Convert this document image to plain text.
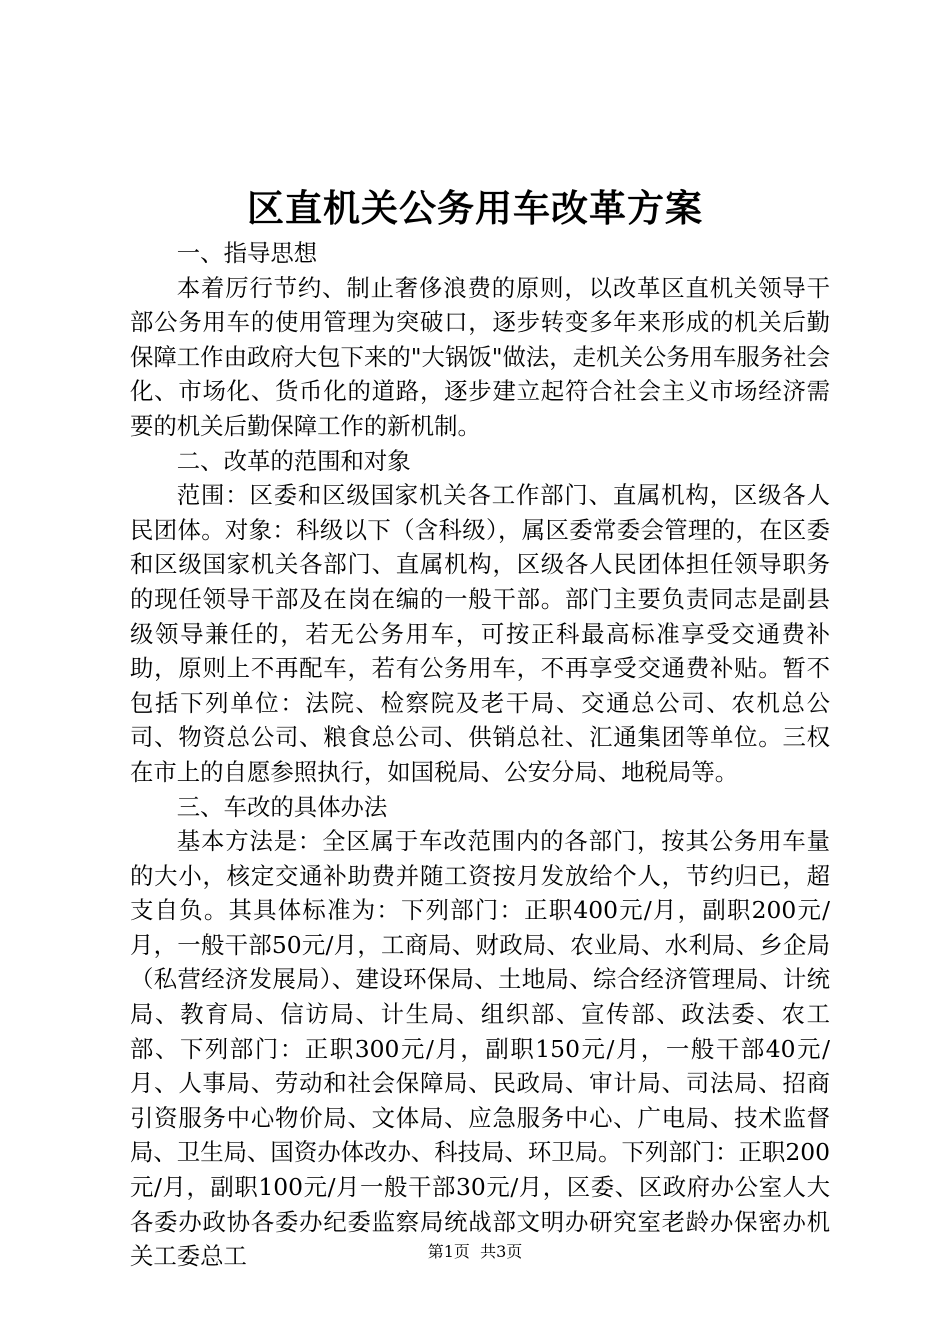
区直机关公务用车改革方案

一、指导思想

本着厉行节约、制止奢侈浪费的原则，以改革区直机关领导干部公务用车的使用管理为突破口，逐步转变多年来形成的机关后勤保障工作由政府大包下来的"大锅饭"做法，走机关公务用车服务社会化、市场化、货币化的道路，逐步建立起符合社会主义市场经济需要的机关后勤保障工作的新机制。

二、改革的范围和对象

范围：区委和区级国家机关各工作部门、直属机构，区级各人民团体。对象：科级以下（含科级），属区委常委会管理的，在区委和区级国家机关各部门、直属机构，区级各人民团体担任领导职务的现任领导干部及在岗在编的一般干部。部门主要负责同志是副县级领导兼任的，若无公务用车，可按正科最高标准享受交通费补助，原则上不再配车，若有公务用车，不再享受交通费补贴。暂不包括下列单位：法院、检察院及老干局、交通总公司、农机总公司、物资总公司、粮食总公司、供销总社、汇通集团等单位。三权在市上的自愿参照执行，如国税局、公安分局、地税局等。

三、车改的具体办法

基本方法是：全区属于车改范围内的各部门，按其公务用车量的大小，核定交通补助费并随工资按月发放给个人，节约归已，超支自负。其具体标准为：下列部门：正职400元/月，副职200元/月，一般干部50元/月，工商局、财政局、农业局、水利局、乡企局（私营经济发展局）、建设环保局、土地局、综合经济管理局、计统局、教育局、信访局、计生局、组织部、宣传部、政法委、农工部、下列部门：正职300元/月，副职150元/月，一般干部40元/月、人事局、劳动和社会保障局、民政局、审计局、司法局、招商引资服务中心物价局、文体局、应急服务中心、广电局、技术监督局、卫生局、国资办体改办、科技局、环卫局。下列部门：正职200元/月，副职100元/月一般干部30元/月，区委、区政府办公室人大各委办政协各委办纪委监察局统战部文明办研究室老龄办保密办机关工委总工	第1页  共3页
